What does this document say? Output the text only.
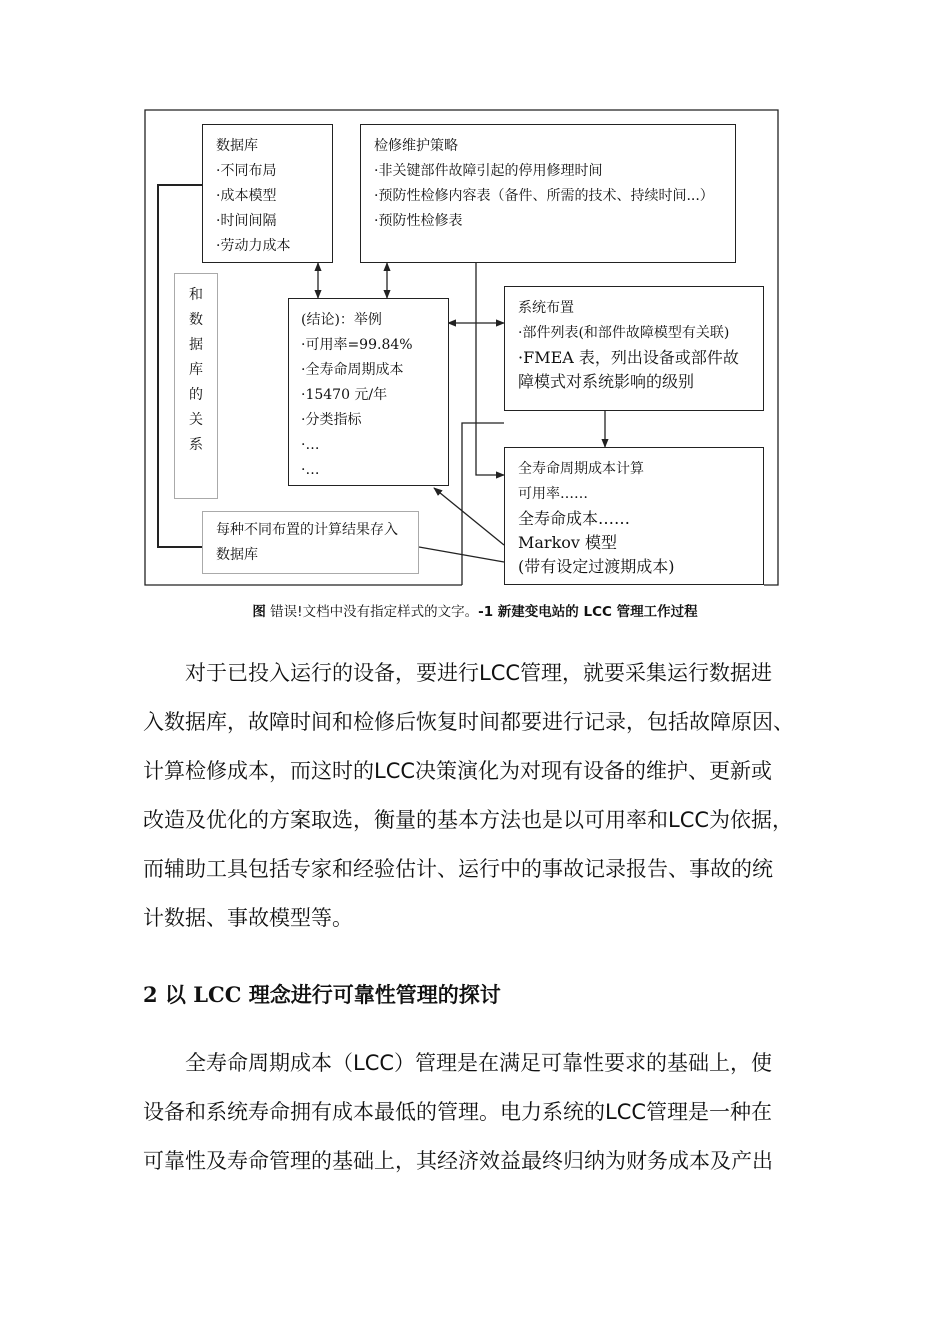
数据库
·不同布局
·成本模型
·时间间隔
·劳动力成本
检修维护策略
·非关键部件故障引起的停用修理时间
·预防性检修内容表（备件、所需的技术、持续时间...）
·预防性检修表
和
数
据
库
的
关
系
(结论)：举例
·可用率=99.84%
·全寿命周期成本
·15470 元/年
·分类指标
·…
·…
系统布置
·部件列表(和部件故障模型有关联)
·FMEA 表，列出设备或部件故
障模式对系统影响的级别
每种不同布置的计算结果存入
数据库
全寿命周期成本计算
可用率……
全寿命成本……
Markov 模型
(带有设定过渡期成本)
图 错误!文档中没有指定样式的文字。-1 新建变电站的 LCC 管理工作过程
对于已投入运行的设备，要进行LCC管理，就要采集运行数据进
入数据库，故障时间和检修后恢复时间都要进行记录，包括故障原因、
计算检修成本，而这时的LCC决策演化为对现有设备的维护、更新或
改造及优化的方案取选，衡量的基本方法也是以可用率和LCC为依据，
而辅助工具包括专家和经验估计、运行中的事故记录报告、事故的统
计数据、事故模型等。
2 以 LCC 理念进行可靠性管理的探讨
全寿命周期成本（LCC）管理是在满足可靠性要求的基础上，使
设备和系统寿命拥有成本最低的管理。电力系统的LCC管理是一种在
可靠性及寿命管理的基础上，其经济效益最终归纳为财务成本及产出
